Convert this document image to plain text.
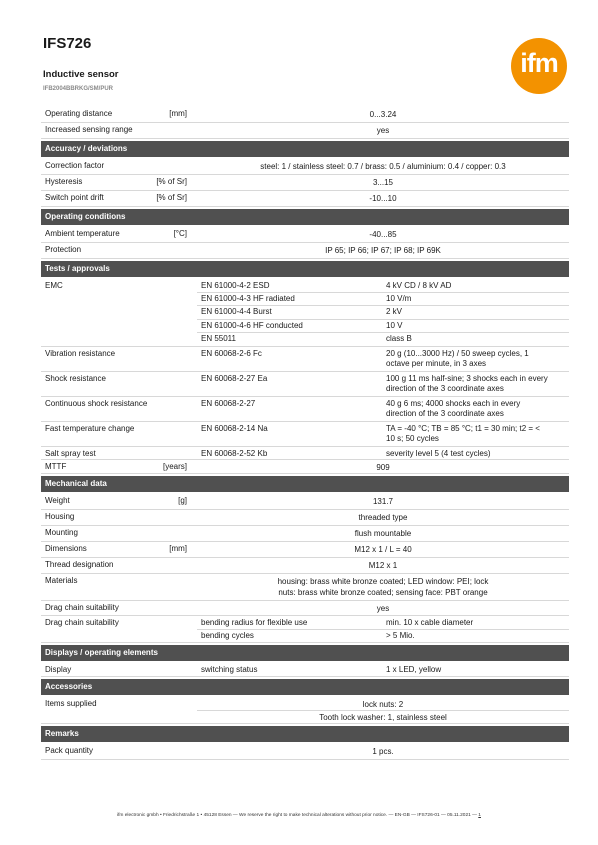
IFS726
Inductive sensor
IFB2004BBRKG/SM/PUR
ifm
Operating distance	[mm]	0...3.24
Increased sensing range	yes
Accuracy / deviations
Correction factor	steel: 1 / stainless steel: 0.7 / brass: 0.5 / aluminium: 0.4 / copper: 0.3
Hysteresis	[% of Sr]	3...15
Switch point drift	[% of Sr]	-10...10
Operating conditions
Ambient temperature	[°C]	-40...85
Protection	IP 65; IP 66; IP 67; IP 68; IP 69K
Tests / approvals
EMC	EN 61000-4-2 ESD	4 kV CD / 8 kV AD
EN 61000-4-3 HF radiated	10 V/m
EN 61000-4-4 Burst	2 kV
EN 61000-4-6 HF conducted	10 V
EN 55011	class B
Vibration resistance	EN 60068-2-6 Fc	20 g (10...3000 Hz) / 50 sweep cycles, 1
octave per minute, in 3 axes
Shock resistance	EN 60068-2-27 Ea	100 g 11 ms half-sine; 3 shocks each in every
direction of the 3 coordinate axes
Continuous shock resistance	EN 60068-2-27	40 g 6 ms; 4000 shocks each in every
direction of the 3 coordinate axes
Fast temperature change	EN 60068-2-14 Na	TA = -40 °C; TB = 85 °C; t1 = 30 min; t2 = <
10 s; 50 cycles
Salt spray test	EN 60068-2-52 Kb	severity level 5 (4 test cycles)
MTTF	[years]	909
Mechanical data
Weight	[g]	131.7
Housing	threaded type
Mounting	flush mountable
Dimensions	[mm]	M12 x 1 / L = 40
Thread designation	M12 x 1
Materials	housing: brass white bronze coated; LED window: PEI; lock
nuts: brass white bronze coated; sensing face: PBT orange
Drag chain suitability	yes
Drag chain suitability	bending radius for flexible use	min. 10 x cable diameter
bending cycles	> 5 Mio.
Displays / operating elements
Display	switching status	1 x LED, yellow
Accessories
Items supplied	lock nuts: 2
Tooth lock washer: 1, stainless steel
Remarks
Pack quantity	1 pcs.
ifm electronic gmbh • Friedrichstraße 1 • 45128 Essen — We reserve the right to make technical alterations without prior notice. — EN-GB — IFS726-01 — 05.11.2021 — 1
